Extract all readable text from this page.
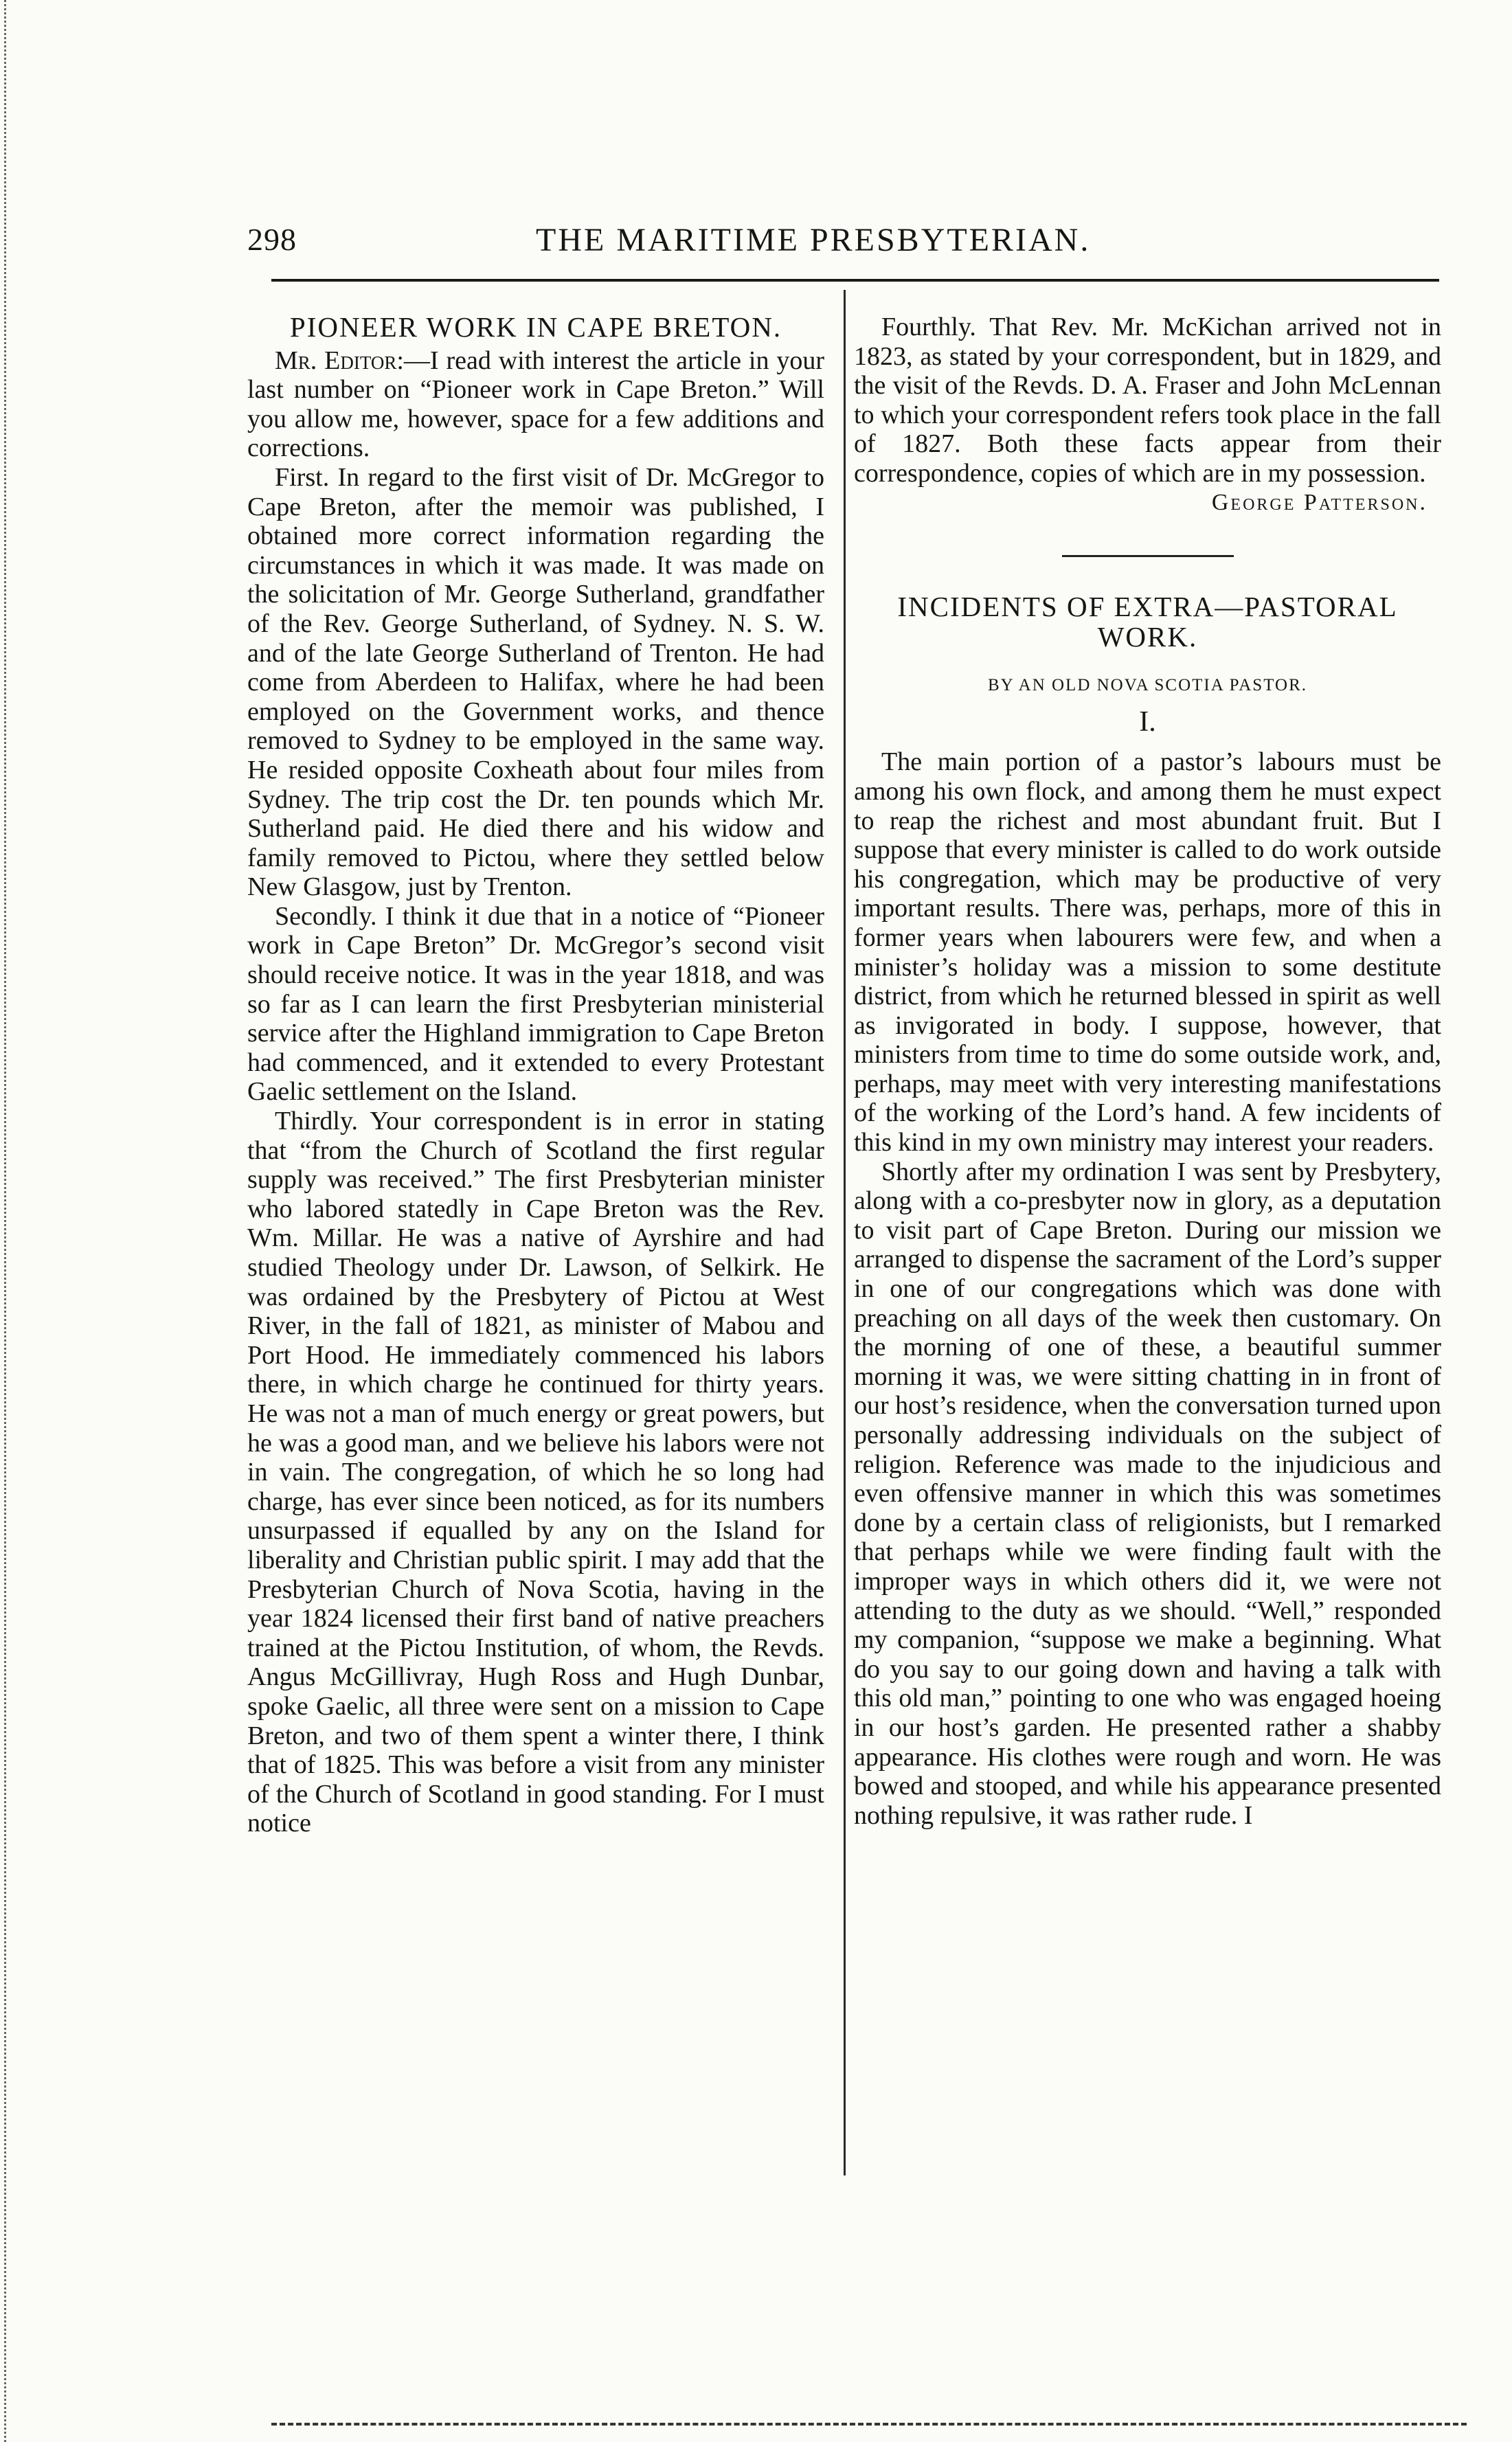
298	THE MARITIME PRESBYTERIAN.
PIONEER WORK IN CAPE BRETON.

Mr. Editor:—I read with interest the article in your last number on “Pioneer work in Cape Breton.” Will you allow me, however, space for a few additions and corrections.

First. In regard to the first visit of Dr. McGregor to Cape Breton, after the memoir was published, I obtained more correct information regarding the circumstances in which it was made. It was made on the solicitation of Mr. George Sutherland, grandfather of the Rev. George Sutherland, of Sydney. N. S. W. and of the late George Sutherland of Trenton. He had come from Aberdeen to Halifax, where he had been employed on the Government works, and thence removed to Sydney to be employed in the same way. He resided opposite Coxheath about four miles from Sydney. The trip cost the Dr. ten pounds which Mr. Sutherland paid. He died there and his widow and family removed to Pictou, where they settled below New Glasgow, just by Trenton.

Secondly. I think it due that in a notice of “Pioneer work in Cape Breton” Dr. McGregor’s second visit should receive notice. It was in the year 1818, and was so far as I can learn the first Presbyterian ministerial service after the Highland immigration to Cape Breton had commenced, and it extended to every Protestant Gaelic settlement on the Island.

Thirdly. Your correspondent is in error in stating that “from the Church of Scotland the first regular supply was received.” The first Presbyterian minister who labored statedly in Cape Breton was the Rev. Wm. Millar. He was a native of Ayrshire and had studied Theology under Dr. Lawson, of Selkirk. He was ordained by the Presbytery of Pictou at West River, in the fall of 1821, as minister of Mabou and Port Hood. He immediately commenced his labors there, in which charge he continued for thirty years. He was not a man of much energy or great powers, but he was a good man, and we believe his labors were not in vain. The congregation, of which he so long had charge, has ever since been noticed, as for its numbers unsurpassed if equalled by any on the Island for liberality and Christian public spirit. I may add that the Presbyterian Church of Nova Scotia, having in the year 1824 licensed their first band of native preachers trained at the Pictou Institution, of whom, the Revds. Angus McGillivray, Hugh Ross and Hugh Dunbar, spoke Gaelic, all three were sent on a mission to Cape Breton, and two of them spent a winter there, I think that of 1825. This was before a visit from any minister of the Church of Scotland in good standing. For I must notice

Fourthly. That Rev. Mr. McKichan arrived not in 1823, as stated by your correspondent, but in 1829, and the visit of the Revds. D. A. Fraser and John McLennan to which your correspondent refers took place in the fall of 1827. Both these facts appear from their correspondence, copies of which are in my possession.

George Patterson.
INCIDENTS OF EXTRA—PASTORAL WORK.
BY AN OLD NOVA SCOTIA PASTOR.
I.

The main portion of a pastor’s labours must be among his own flock, and among them he must expect to reap the richest and most abundant fruit. But I suppose that every minister is called to do work outside his congregation, which may be productive of very important results. There was, perhaps, more of this in former years when labourers were few, and when a minister’s holiday was a mission to some destitute district, from which he returned blessed in spirit as well as invigorated in body. I suppose, however, that ministers from time to time do some outside work, and, perhaps, may meet with very interesting manifestations of the working of the Lord’s hand. A few incidents of this kind in my own ministry may interest your readers.

Shortly after my ordination I was sent by Presbytery, along with a co-presbyter now in glory, as a deputation to visit part of Cape Breton. During our mission we arranged to dispense the sacrament of the Lord’s supper in one of our congregations which was done with preaching on all days of the week then customary. On the morning of one of these, a beautiful summer morning it was, we were sitting chatting in in front of our host’s residence, when the conversation turned upon personally addressing individuals on the subject of religion. Reference was made to the injudicious and even offensive manner in which this was sometimes done by a certain class of religionists, but I remarked that perhaps while we were finding fault with the improper ways in which others did it, we were not attending to the duty as we should. “Well,” responded my companion, “suppose we make a beginning. What do you say to our going down and having a talk with this old man,” pointing to one who was engaged hoeing in our host’s garden. He presented rather a shabby appearance. His clothes were rough and worn. He was bowed and stooped, and while his appearance presented nothing repulsive, it was rather rude. I
